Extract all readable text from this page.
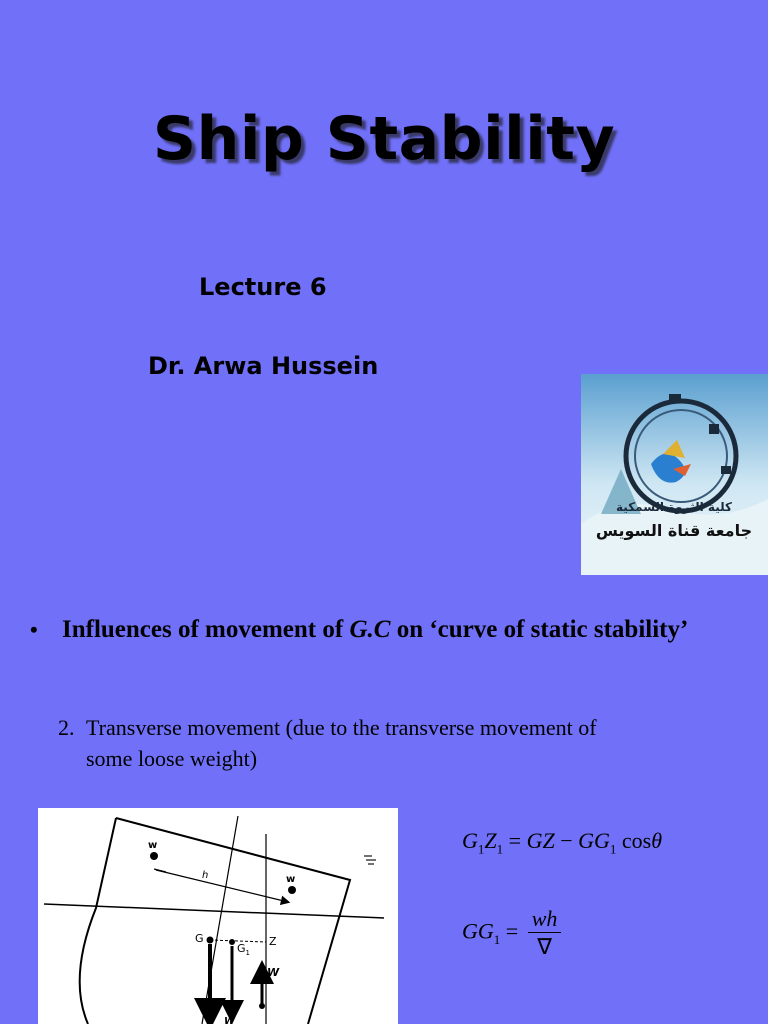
Ship Stability
Lecture 6
Dr. Arwa Hussein
كلية الثروة السمكية
جامعة قناة السويس
• Influences of movement of G.C on ‘curve of static stability’
2. Transverse movement (due to the transverse movement of
some loose weight)
w
h	w
G
$G_1$
Z
W
W
$G_1Z_1$ = GZ − $GG_1$ cosθ
$GG_1 = \frac{wh}{\nabla}$
